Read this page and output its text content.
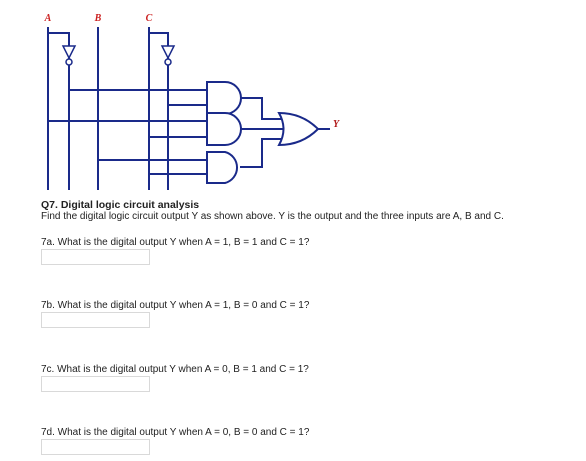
A	B	C
Y
Q7. Digital logic circuit analysis
Find the digital logic circuit output Y as shown above. Y is the output and the three inputs are A, B and C.
7a. What is the digital output Y when A = 1, B = 1 and C = 1?
7b. What is the digital output Y when A = 1, B = 0 and C = 1?
7c. What is the digital output Y when A = 0, B = 1 and C = 1?
7d. What is the digital output Y when A = 0, B = 0 and C = 1?
